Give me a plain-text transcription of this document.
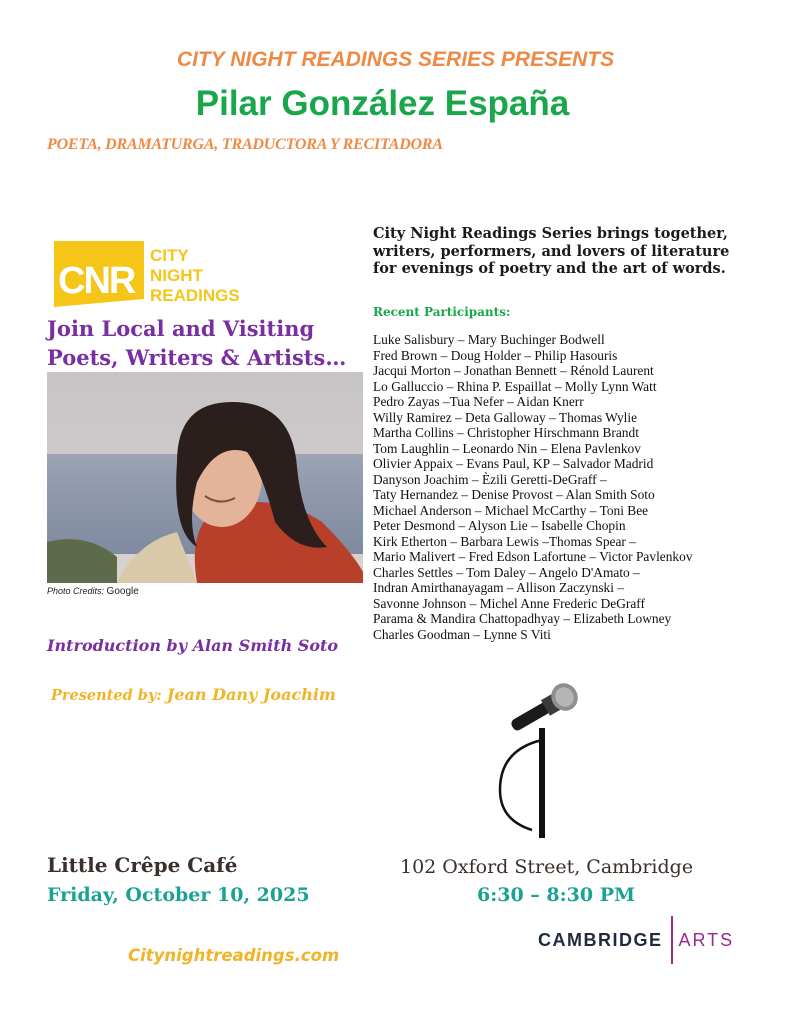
CITY NIGHT READINGS SERIES PRESENTS
Pilar González España
POETA, DRAMATURGA, TRADUCTORA Y RECITADORA
CNR
CITY
NIGHT
READINGS
Join Local and Visiting
Poets, Writers & Artists…
Photo Credits: Google
Introduction by Alan Smith Soto
Presented by: Jean Dany Joachim
City Night Readings Series brings together, writers, performers, and lovers of literature for evenings of poetry and the art of words.
Recent Participants:
Luke Salisbury – Mary Buchinger Bodwell
Fred Brown – Doug Holder – Philip Hasouris
Jacqui Morton – Jonathan Bennett – Rénold Laurent
Lo Galluccio – Rhina P. Espaillat – Molly Lynn Watt
Pedro Zayas –Tua Nefer – Aidan Knerr
Willy Ramirez – Deta Galloway – Thomas Wylie
Martha Collins – Christopher Hirschmann Brandt
Tom Laughlin – Leonardo Nin – Elena Pavlenkov
Olivier Appaix – Evans Paul, KP – Salvador Madrid
Danyson Joachim – Èzili Geretti-DeGraff –
Taty Hernandez – Denise Provost – Alan Smith Soto
Michael Anderson – Michael McCarthy – Toni Bee
Peter Desmond – Alyson Lie – Isabelle Chopin
Kirk Etherton – Barbara Lewis –Thomas Spear –
Mario Malivert – Fred Edson Lafortune – Victor Pavlenkov
Charles Settles – Tom Daley – Angelo D'Amato –
Indran Amirthanayagam – Allison Zaczynski –
Savonne Johnson – Michel Anne Frederic DeGraff
Parama & Mandira Chattopadhyay – Elizabeth Lowney
Charles Goodman – Lynne S Viti
Little Crêpe Café
Friday, October 10, 2025
102 Oxford Street, Cambridge
6:30 – 8:30 PM
CAMBRIDGE ARTS
Citynightreadings.com
